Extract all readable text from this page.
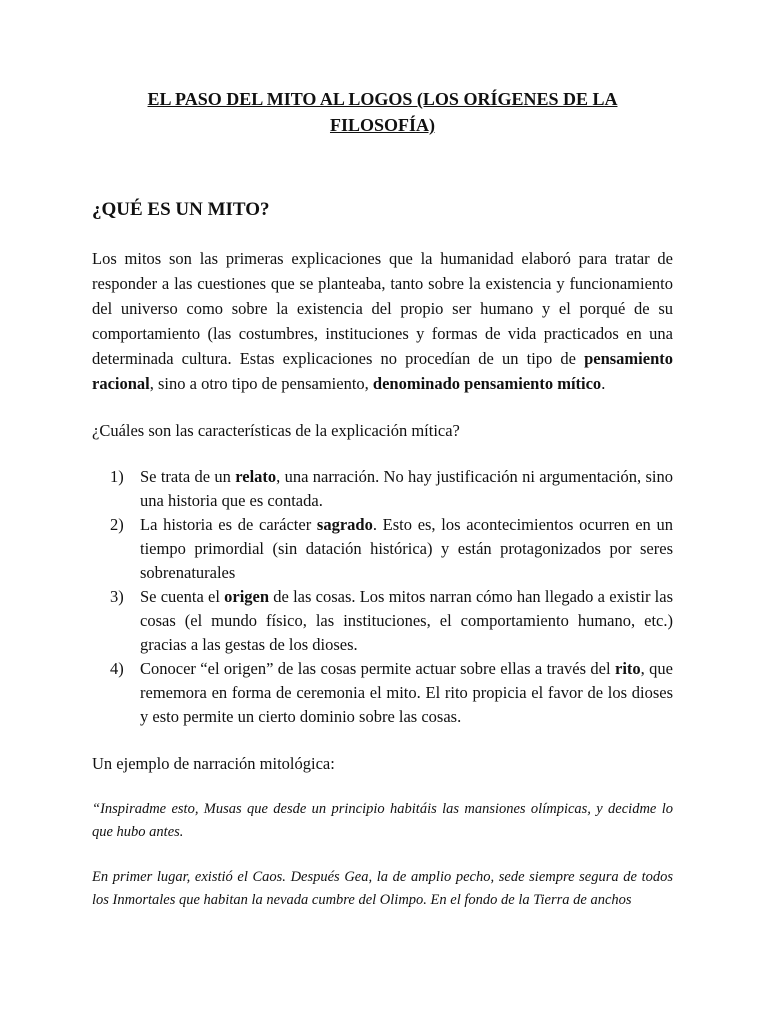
EL PASO DEL MITO AL LOGOS (LOS ORÍGENES DE LA FILOSOFÍA)
¿QUÉ ES UN MITO?

Los mitos son las primeras explicaciones que la humanidad elaboró para tratar de responder a las cuestiones que se planteaba, tanto sobre la existencia y funcionamiento del universo como sobre la existencia del propio ser humano y el porqué de su comportamiento (las costumbres, instituciones y formas de vida practicados en una determinada cultura. Estas explicaciones no procedían de un tipo de pensamiento racional, sino a otro tipo de pensamiento, denominado pensamiento mítico.

¿Cuáles son las características de la explicación mítica?

Se trata de un relato, una narración. No hay justificación ni argumentación, sino una historia que es contada.
La historia es de carácter sagrado. Esto es, los acontecimientos ocurren en un tiempo primordial (sin datación histórica) y están protagonizados por seres sobrenaturales
Se cuenta el origen de las cosas. Los mitos narran cómo han llegado a existir las cosas (el mundo físico, las instituciones, el comportamiento humano, etc.) gracias a las gestas de los dioses.
Conocer “el origen” de las cosas permite actuar sobre ellas a través del rito, que rememora en forma de ceremonia el mito. El rito propicia el favor de los dioses y esto permite un cierto dominio sobre las cosas.

Un ejemplo de narración mitológica:

“Inspiradme esto, Musas que desde un principio habitáis las mansiones olímpicas, y decidme lo que hubo antes.

En primer lugar, existió el Caos. Después Gea, la de amplio pecho, sede siempre segura de todos los Inmortales que habitan la nevada cumbre del Olimpo. En el fondo de la Tierra de anchos
